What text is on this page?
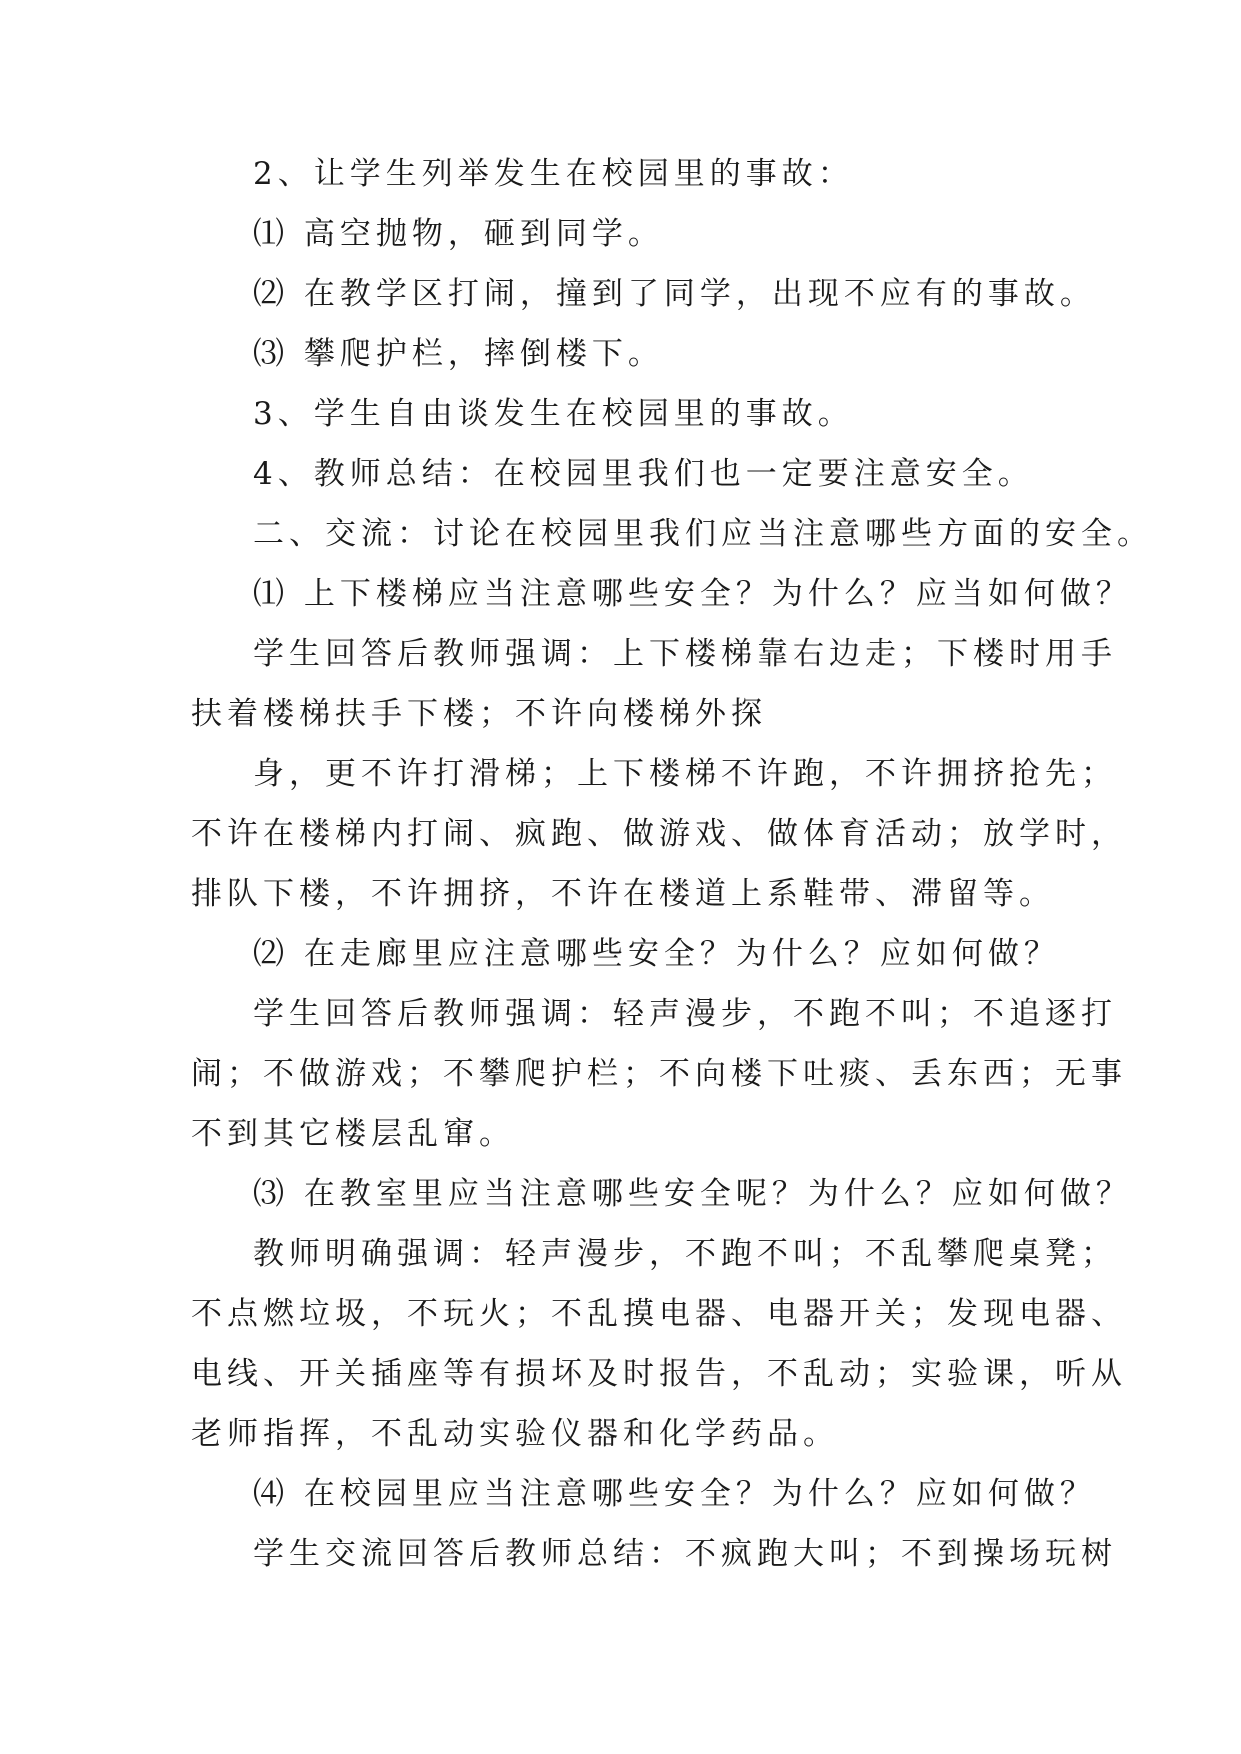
2、让学生列举发生在校园里的事故：
⑴ 高空抛物，砸到同学。
⑵ 在教学区打闹，撞到了同学，出现不应有的事故。
⑶ 攀爬护栏，摔倒楼下。
3、学生自由谈发生在校园里的事故。
4、教师总结：在校园里我们也一定要注意安全。
二、交流：讨论在校园里我们应当注意哪些方面的安全。
⑴ 上下楼梯应当注意哪些安全？为什么？应当如何做？
学生回答后教师强调：上下楼梯靠右边走；下楼时用手
扶着楼梯扶手下楼；不许向楼梯外探
身，更不许打滑梯；上下楼梯不许跑，不许拥挤抢先；
不许在楼梯内打闹、疯跑、做游戏、做体育活动；放学时，
排队下楼，不许拥挤，不许在楼道上系鞋带、滞留等。
⑵ 在走廊里应注意哪些安全？为什么？应如何做？
学生回答后教师强调：轻声漫步，不跑不叫；不追逐打
闹；不做游戏；不攀爬护栏；不向楼下吐痰、丢东西；无事
不到其它楼层乱窜。
⑶ 在教室里应当注意哪些安全呢？为什么？应如何做？
教师明确强调：轻声漫步，不跑不叫；不乱攀爬桌凳；
不点燃垃圾，不玩火；不乱摸电器、电器开关；发现电器、
电线、开关插座等有损坏及时报告，不乱动；实验课，听从
老师指挥，不乱动实验仪器和化学药品。
⑷ 在校园里应当注意哪些安全？为什么？应如何做？
学生交流回答后教师总结：不疯跑大叫；不到操场玩树
